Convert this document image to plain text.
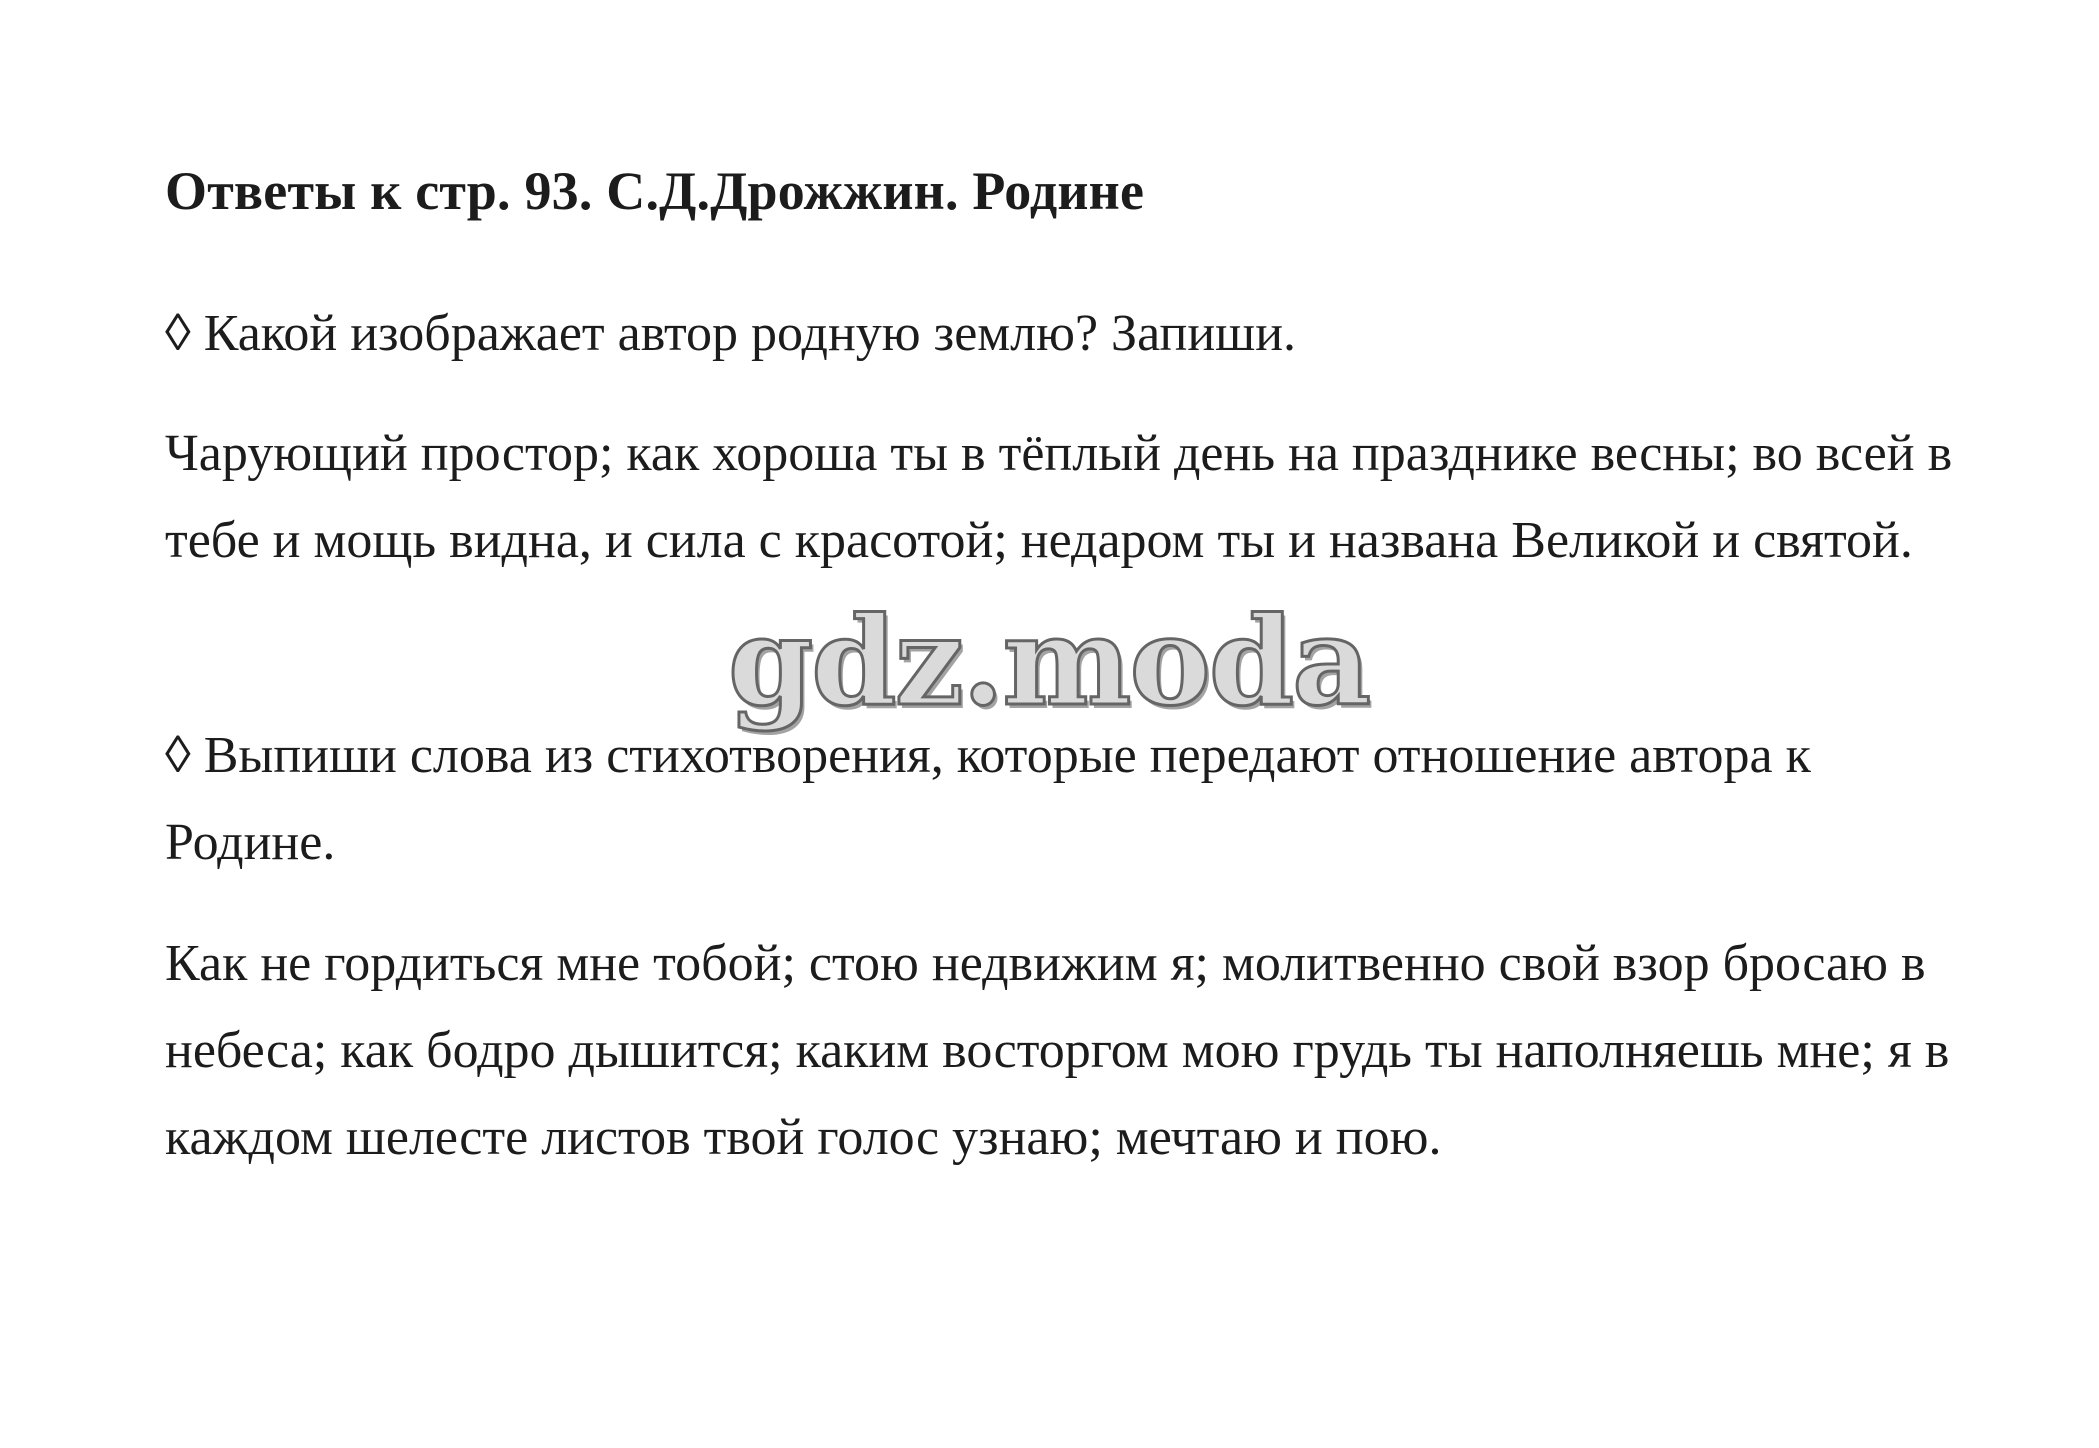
Ответы к стр. 93. С.Д.Дрожжин. Родине

◊ Какой изображает автор родную землю? Запиши.

Чарующий простор; как хороша ты в тёплый день на празднике весны; во всей в тебе и мощь видна, и сила с красотой; недаром ты и названа Великой и святой.

◊ Выпиши слова из стихотворения, которые передают отношение автора к Родине.

Как не гордиться мне тобой; стою недвижим я; молитвенно свой взор бросаю в небеса; как бодро дышится; каким восторгом мою грудь ты наполняешь мне; я в каждом шелесте листов твой голос узнаю; мечтаю и пою.

gdz.moda
